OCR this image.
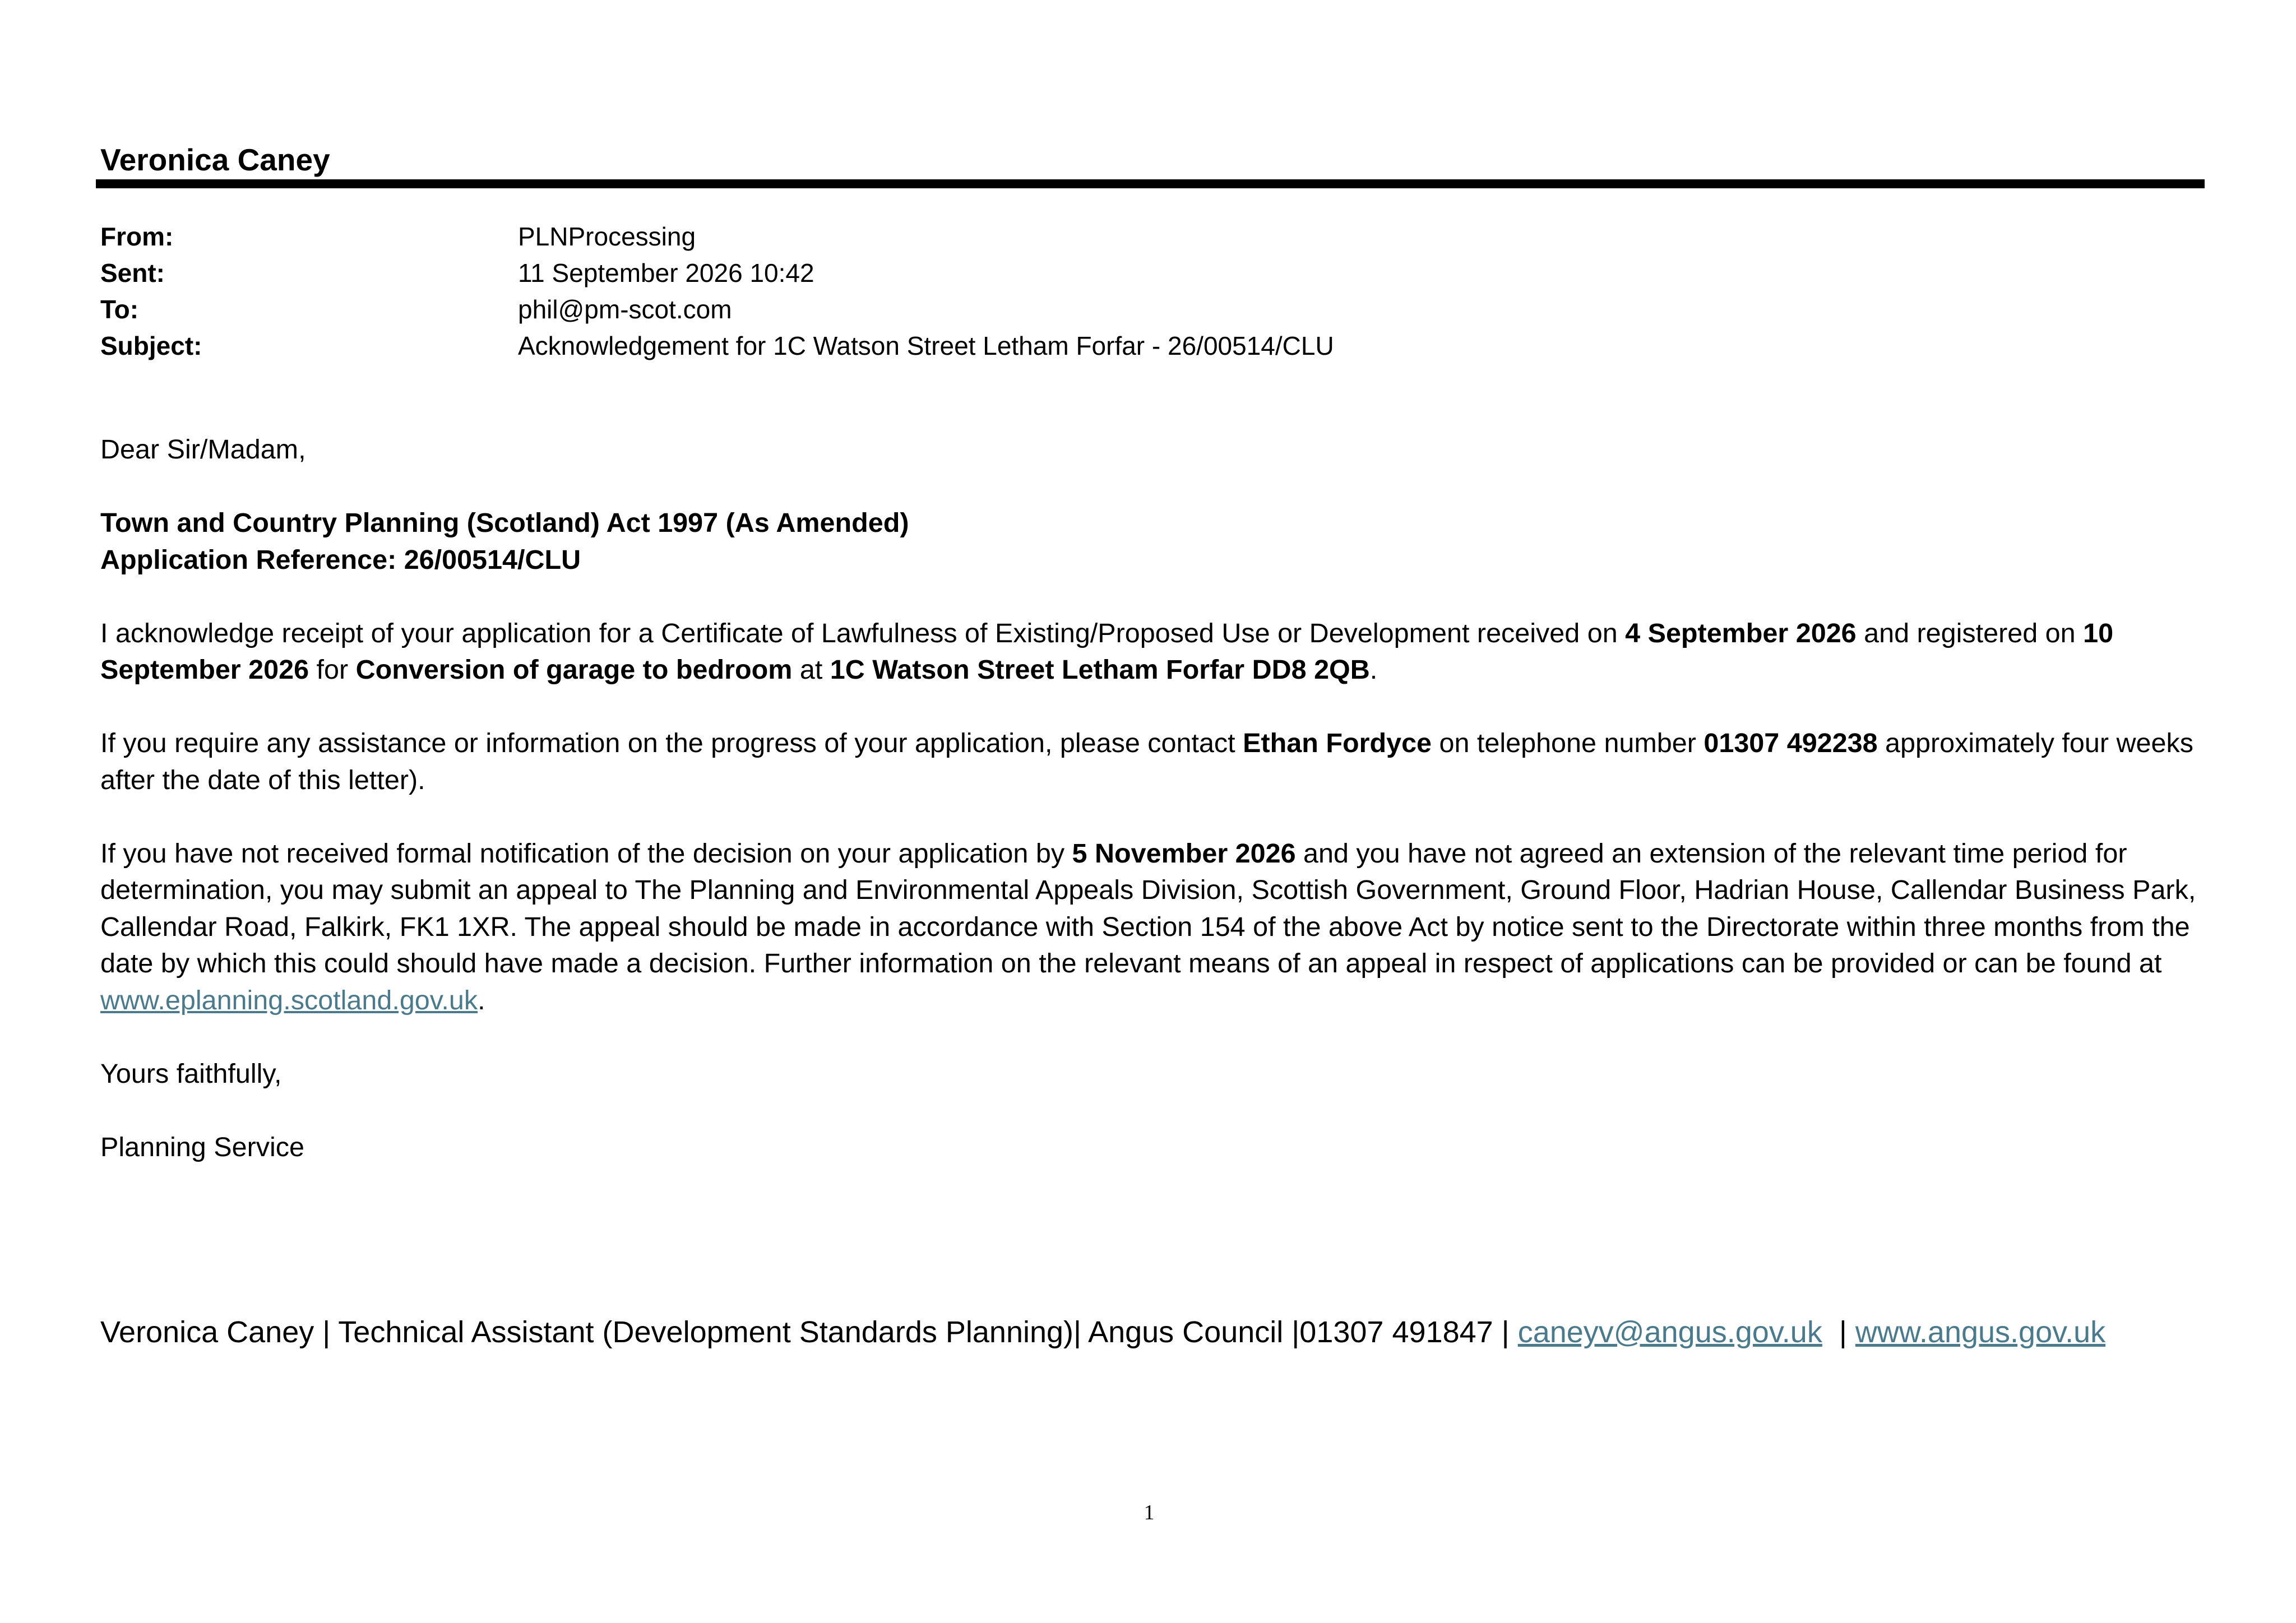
Veronica Caney
From:	PLNProcessing
Sent:	11 September 2026 10:42
To:	phil@pm-scot.com
Subject:	Acknowledgement for 1C Watson Street Letham Forfar - 26/00514/CLU

Dear Sir/Madam,

Town and Country Planning (Scotland) Act 1997 (As Amended)
Application Reference: 26/00514/CLU

I acknowledge receipt of your application for a Certificate of Lawfulness of Existing/Proposed Use or Development received on 4 September 2026 and registered on 10 September 2026 for Conversion of garage to bedroom at 1C Watson Street Letham Forfar DD8 2QB.

If you require any assistance or information on the progress of your application, please contact Ethan Fordyce on telephone number 01307 492238 approximately four weeks after the date of this letter).

If you have not received formal notification of the decision on your application by 5 November 2026 and you have not agreed an extension of the relevant time period for determination, you may submit an appeal to The Planning and Environmental Appeals Division, Scottish Government, Ground Floor, Hadrian House, Callendar Business Park, Callendar Road, Falkirk, FK1 1XR. The appeal should be made in accordance with Section 154 of the above Act by notice sent to the Directorate within three months from the date by which this could should have made a decision. Further information on the relevant means of an appeal in respect of applications can be provided or can be found at www.eplanning.scotland.gov.uk.

Yours faithfully,

Planning Service

Veronica Caney | Technical Assistant (Development Standards Planning)| Angus Council |01307 491847 | caneyv@angus.gov.uk  | www.angus.gov.uk
1
